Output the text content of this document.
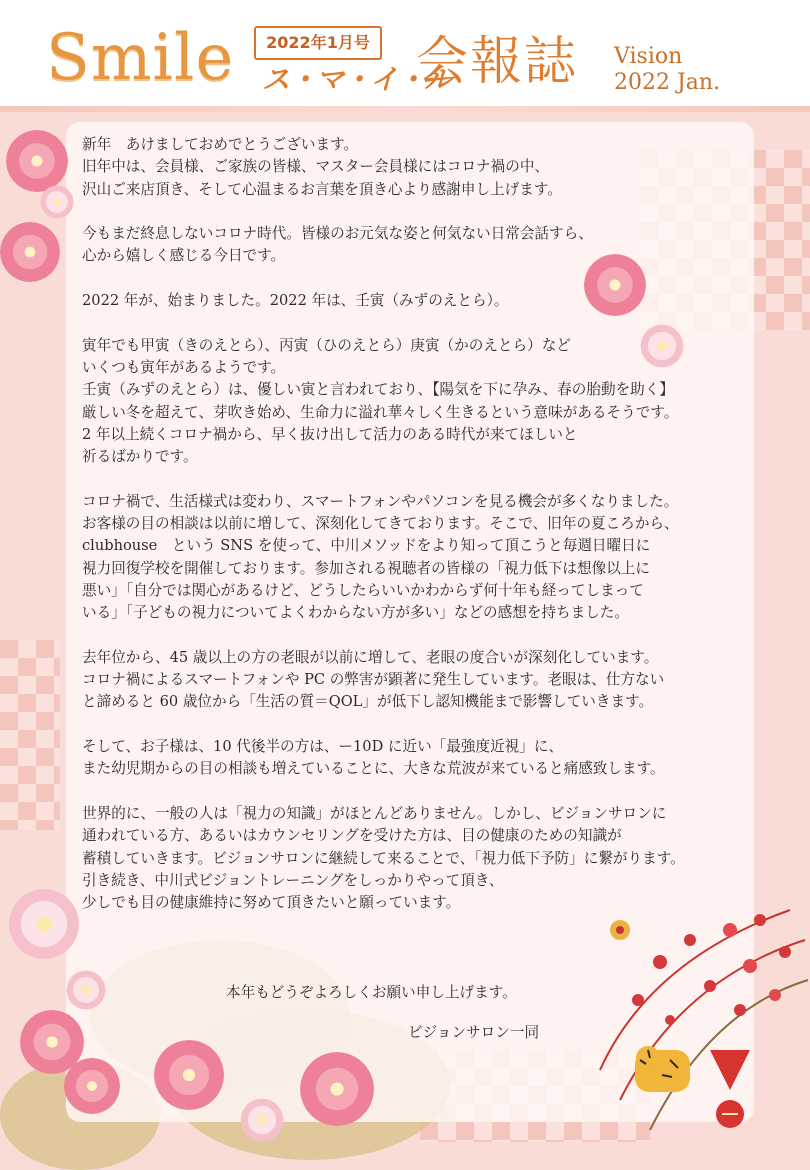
Smile	2022年1月号
ス・マ・イ・ル
会報誌 Vision
2022 Jan.

新年　あけましておめでとうございます。

旧年中は、会員様、ご家族の皆様、マスター会員様にはコロナ禍の中、

沢山ご来店頂き、そして心温まるお言葉を頂き心より感謝申し上げます。

今もまだ終息しないコロナ時代。皆様のお元気な姿と何気ない日常会話すら、

心から嬉しく感じる今日です。

2022 年が、始まりました。2022 年は、壬寅（みずのえとら）。

寅年でも甲寅（きのえとら）、丙寅（ひのえとら）庚寅（かのえとら）など

いくつも寅年があるようです。

壬寅（みずのえとら）は、優しい寅と言われており、【陽気を下に孕み、春の胎動を助く】

厳しい冬を超えて、芽吹き始め、生命力に溢れ華々しく生きるという意味があるそうです。

2 年以上続くコロナ禍から、早く抜け出して活力のある時代が来てほしいと

祈るばかりです。

コロナ禍で、生活様式は変わり、スマートフォンやパソコンを見る機会が多くなりました。

お客様の目の相談は以前に増して、深刻化してきております。そこで、旧年の夏ころから、

clubhouse　という SNS を使って、中川メソッドをより知って頂こうと毎週日曜日に

視力回復学校を開催しております。参加される視聴者の皆様の「視力低下は想像以上に

悪い」「自分では関心があるけど、どうしたらいいかわからず何十年も経ってしまって

いる」「子どもの視力についてよくわからない方が多い」などの感想を持ちました。

去年位から、45 歳以上の方の老眼が以前に増して、老眼の度合いが深刻化しています。

コロナ禍によるスマートフォンや PC の弊害が顕著に発生しています。老眼は、仕方ない

と諦めると 60 歳位から「生活の質＝QOL」が低下し認知機能まで影響していきます。

そして、お子様は、10 代後半の方は、ー10D に近い「最強度近視」に、

また幼児期からの目の相談も増えていることに、大きな荒波が来ていると痛感致します。

世界的に、一般の人は「視力の知識」がほとんどありません。しかし、ビジョンサロンに

通われている方、あるいはカウンセリングを受けた方は、目の健康のための知識が

蓄積していきます。ビジョンサロンに継続して来ることで、「視力低下予防」に繋がります。

引き続き、中川式ビジョントレーニングをしっかりやって頂き、

少しでも目の健康維持に努めて頂きたいと願っています。

本年もどうぞよろしくお願い申し上げます。
ビジョンサロン一同
